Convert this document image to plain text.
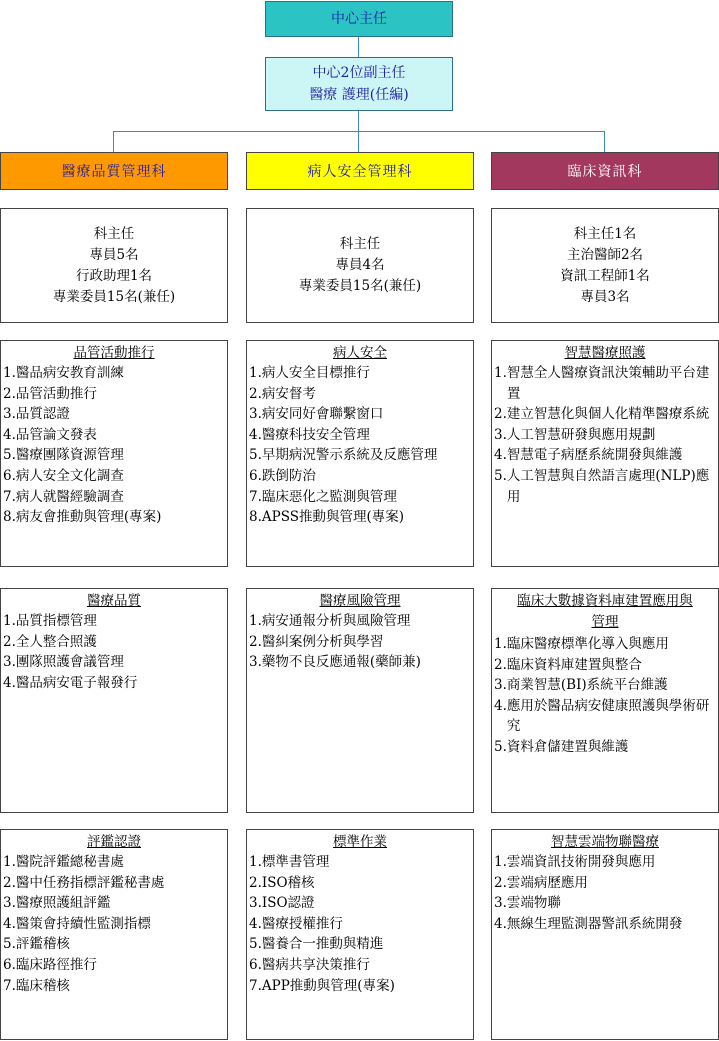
中心主任
中心2位副主任
醫療 護理(任編)
醫療品質管理科
科主任
專員5名
行政助理1名
專業委員15名(兼任)
品管活動推行
1. 醫品病安教育訓練
2. 品管活動推行
3. 品質認證
4. 品管論文發表
5. 醫療團隊資源管理
6. 病人安全文化調查
7. 病人就醫經驗調查
8. 病友會推動與管理(專案)
醫療品質
1. 品質指標管理
2. 全人整合照護
3. 團隊照護會議管理
4. 醫品病安電子報發行
評鑑認證
1. 醫院評鑑總秘書處
2. 醫中任務指標評鑑秘書處
3. 醫療照護組評鑑
4. 醫策會持續性監測指標
5. 評鑑稽核
6. 臨床路徑推行
7. 臨床稽核
病人安全管理科
科主任
專員4名
專業委員15名(兼任)
病人安全
1. 病人安全目標推行
2. 病安督考
3. 病安同好會聯繫窗口
4. 醫療科技安全管理
5. 早期病況警示系統及反應管理
6. 跌倒防治
7. 臨床惡化之監測與管理
8. APSS推動與管理(專案)
醫療風險管理
1. 病安通報分析與風險管理
2. 醫糾案例分析與學習
3. 藥物不良反應通報(藥師兼)
標準作業
1. 標準書管理
2. ISO稽核
3. ISO認證
4. 醫療授權推行
5. 醫養合一推動與精進
6. 醫病共享決策推行
7. APP推動與管理(專案)
臨床資訊科
科主任1名
主治醫師2名
資訊工程師1名
專員3名
智慧醫療照護
1. 智慧全人醫療資訊決策輔助平台建置
2. 建立智慧化與個人化精準醫療系統
3. 人工智慧研發與應用規劃
4. 智慧電子病歷系統開發與維護
5. 人工智慧與自然語言處理(NLP)應用
臨床大數據資料庫建置應用與管理
1. 臨床醫療標準化導入與應用
2. 臨床資料庫建置與整合
3. 商業智慧(BI)系統平台維護
4. 應用於醫品病安健康照護與學術研究
5. 資料倉儲建置與維護
智慧雲端物聯醫療
1. 雲端資訊技術開發與應用
2. 雲端病歷應用
3. 雲端物聯
4. 無線生理監測器警訊系統開發
